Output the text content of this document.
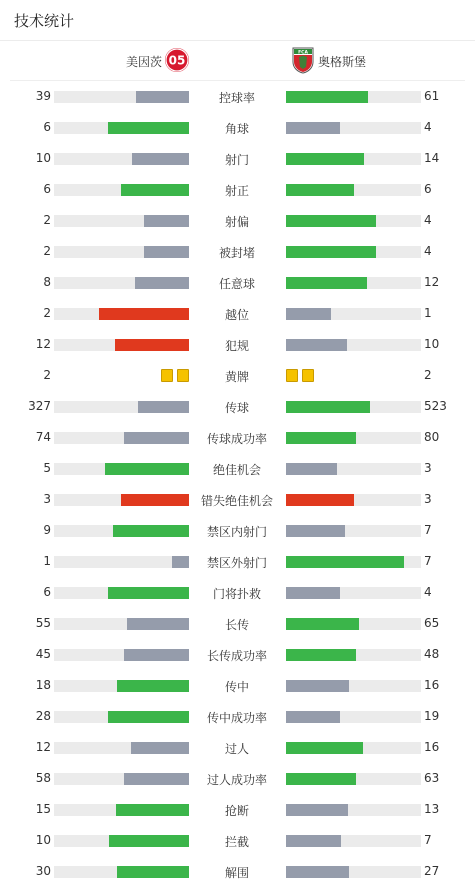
技术统计
美因茨 05
FCA
奥格斯堡
39	控球率	61
6	角球	4
10	射门	14
6	射正	6
2	射偏	4
2	被封堵	4
8	任意球	12
2	越位	1
12	犯规	10
2	黄牌	2
327	传球	523
74	传球成功率	80
5	绝佳机会	3
3	错失绝佳机会	3
9	禁区内射门	7
1	禁区外射门	7
6	门将扑救	4
55	长传	65
45	长传成功率	48
18	传中	16
28	传中成功率	19
12	过人	16
58	过人成功率	63
15	抢断	13
10	拦截	7
30	解围	27
